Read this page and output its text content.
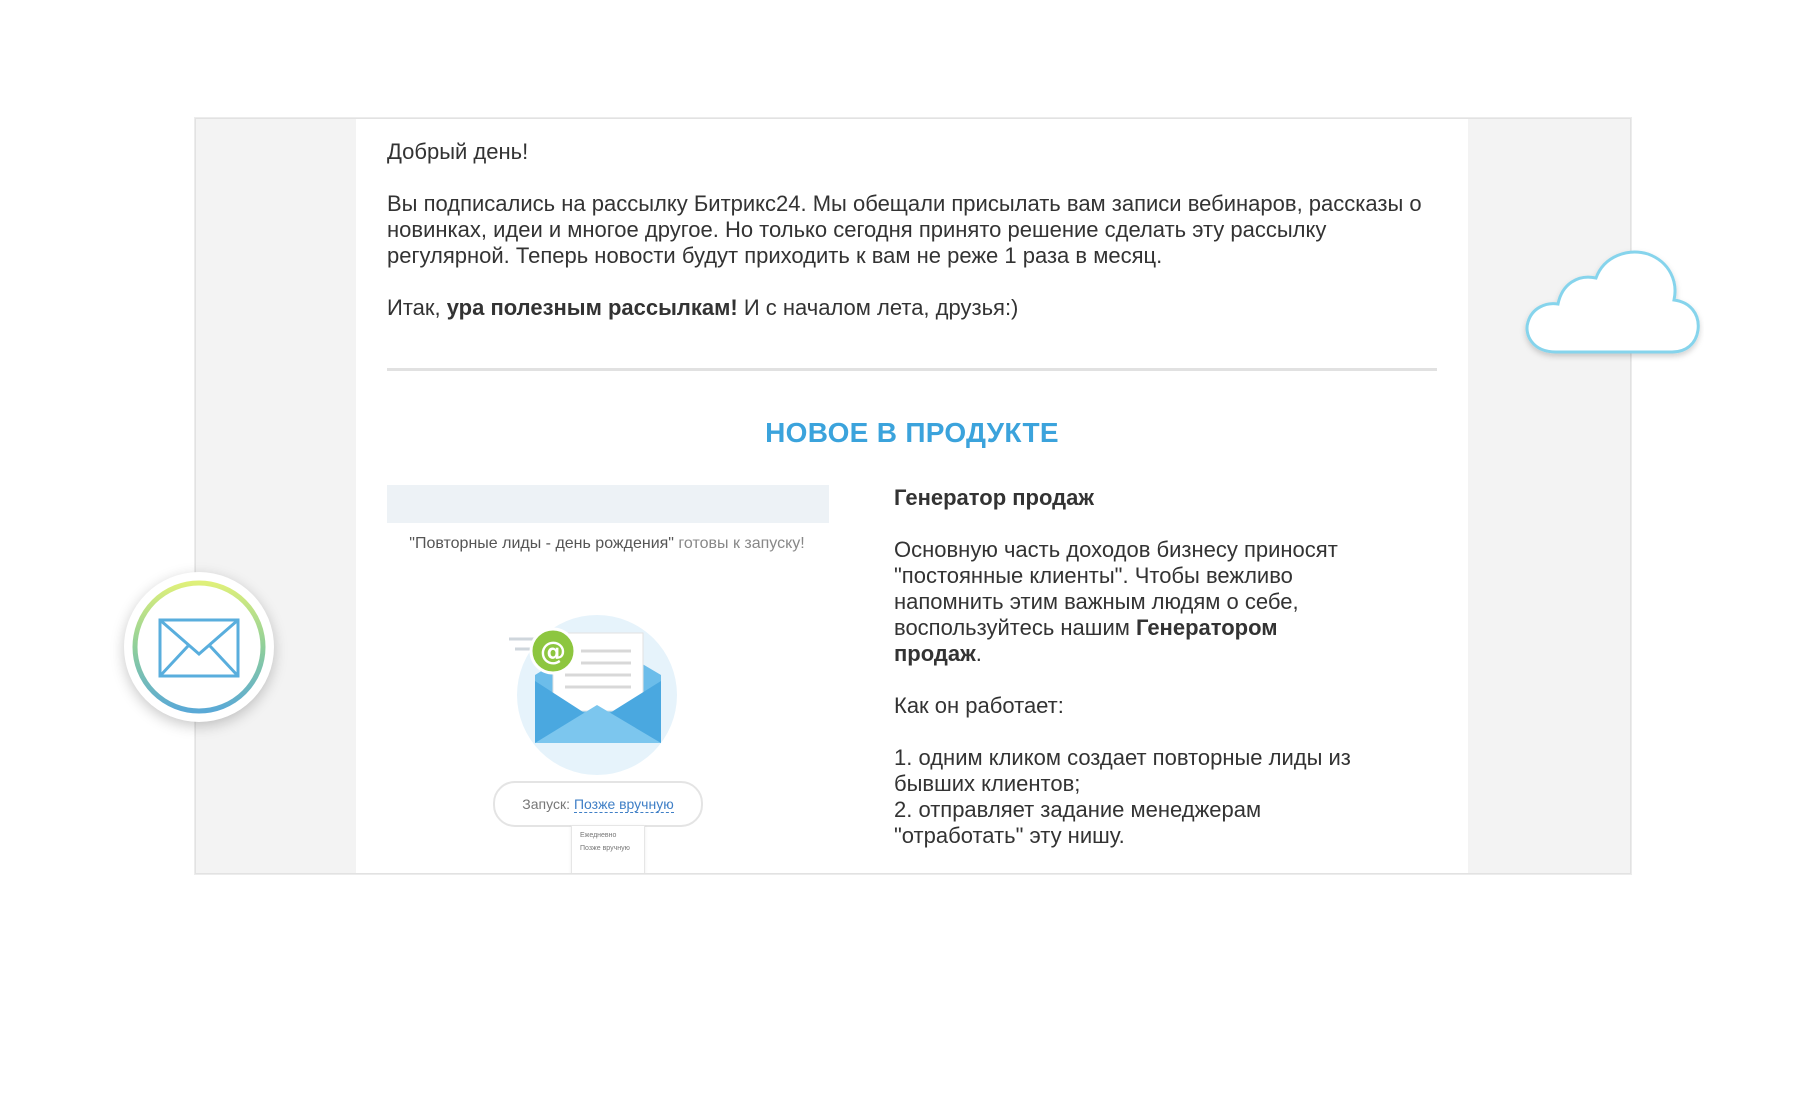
Добрый день!

Вы подписались на рассылку Битрикс24. Мы обещали присылать вам записи вебинаров, рассказы о новинках, идеи и многое другое. Но только сегодня принято решение сделать эту рассылку регулярной. Теперь новости будут приходить к вам не реже 1 раза в месяц.

Итак, ура полезным рассылкам! И с началом лета, друзья:)

НОВОЕ В ПРОДУКТЕ

"Повторные лиды - день рождения" готовы к запуску!

@
Запуск: Позже вручную
Ежедневно
Позже вручную
Генератор продаж

Основную часть доходов бизнесу приносят "постоянные клиенты". Чтобы вежливо напомнить этим важным людям о себе, воспользуйтесь нашим Генератором продаж.

Как он работает:

1. одним кликом создает повторные лиды из бывших клиентов;

2. отправляет задание менеджерам "отработать" эту нишу.
